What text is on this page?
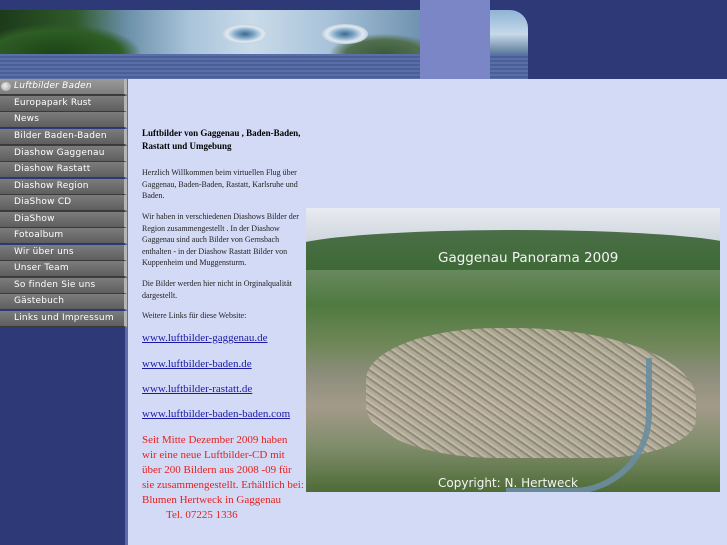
Luftbilder Baden
Europapark Rust
News
Bilder Baden-Baden
Diashow Gaggenau
Diashow Rastatt
Diashow Region
DiaShow CD
DiaShow
Fotoalbum
Wir über uns
Unser Team
So finden Sie uns
Gästebuch
Links und Impressum
Luftbilder von Gaggenau , Baden-Baden, Rastatt und Umgebung
Herzlich Willkommen beim virtuellen Flug über Gaggenau, Baden-Baden, Rastatt, Karlsruhe und Baden.
Wir haben in verschiedenen Diashows Bilder der Region zusammengestellt . In der Diashow Gaggenau sind auch Bilder von Gernsbach enthalten - in der Diashow Rastatt Bilder von Kuppenheim und Muggensturm.
Die Bilder werden hier nicht in Orginalqualität dargestellt.
Weitere Links für diese Website:
www.luftbilder-gaggenau.de
www.luftbilder-baden.de
www.luftbilder-rastatt.de
www.luftbilder-baden-baden.com
Seit Mitte Dezember 2009 haben wir eine neue Luftbilder-CD mit über 200 Bildern aus 2008 -09 für sie zusammengestellt. Erhältlich bei: Blumen Hertweck in GaggenauTel. 07225 1336
Gaggenau Panorama 2009
Copyright: N. Hertweck
